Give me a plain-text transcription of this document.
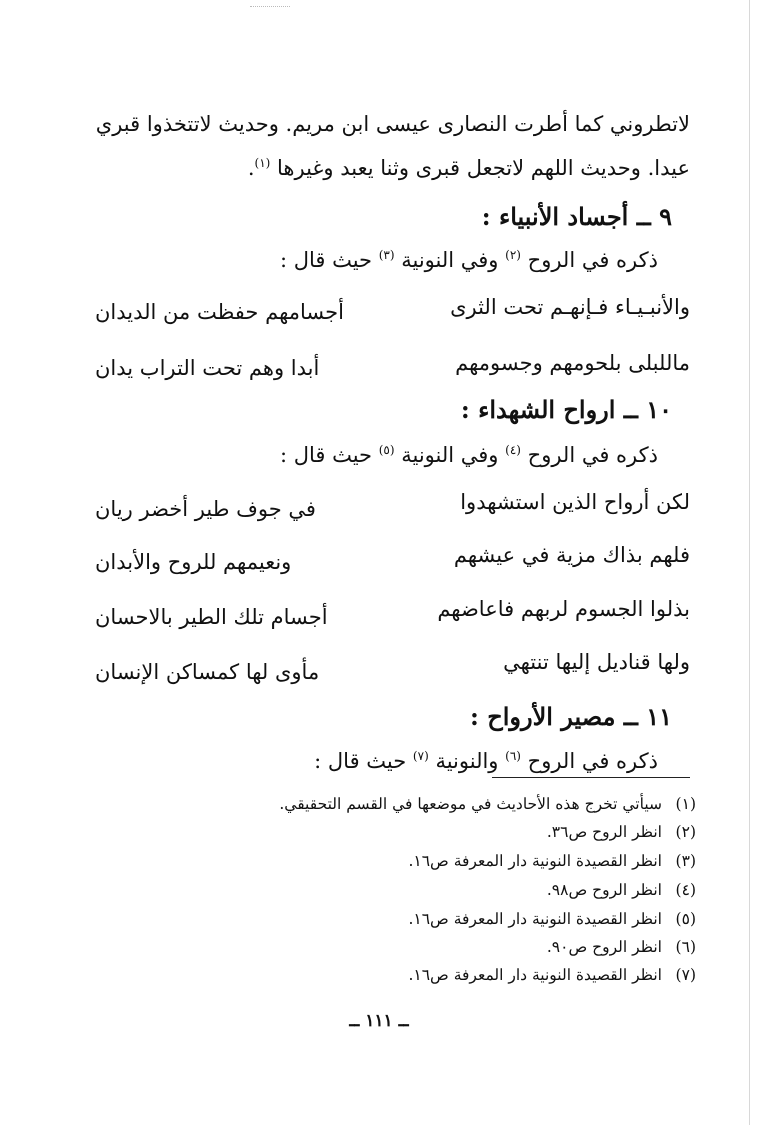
لاتطروني كما أطرت النصارى عيسى ابن مريم. وحديث لاتتخذوا قبري
عيدا. وحديث اللهم لاتجعل قبرى وثنا يعبد وغيرها $^{(١)}$.
٩ ــ أجساد الأنبياء :
ذكره في الروح $^{(٢)}$ وفي النونية $^{(٣)}$ حيث قال :
والأنبـيـاء فـإنهـم تحت الثرى
أجسامهم حفظت من الديدان
ماللبلى بلحومهم وجسومهم
أبدا وهم تحت التراب يدان
١٠ ــ ارواح الشهداء :
ذكره في الروح $^{(٤)}$ وفي النونية $^{(٥)}$ حيث قال :
لكن أرواح الذين استشهدوا
في جوف طير أخضر ريان
فلهم بذاك مزية في عيشهم
ونعيمهم للروح والأبدان
بذلوا الجسوم لربهم فاعاضهم
أجسام تلك الطير بالاحسان
ولها قناديل إليها تنتهي
مأوى لها كمساكن الإنسان
١١ ــ مصير الأرواح :
ذكره في الروح $^{(٦)}$ والنونية $^{(٧)}$ حيث قال :
(١)سيأتي تخرج هذه الأحاديث في موضعها في القسم التحقيقي.
(٢)انظر الروح ص٣٦.
(٣)انظر القصيدة النونية دار المعرفة ص١٦.
(٤)انظر الروح ص٩٨.
(٥)انظر القصيدة النونية دار المعرفة ص١٦.
(٦)انظر الروح ص٩٠.
(٧)انظر القصيدة النونية دار المعرفة ص١٦.
ــ ١١١ ــ
